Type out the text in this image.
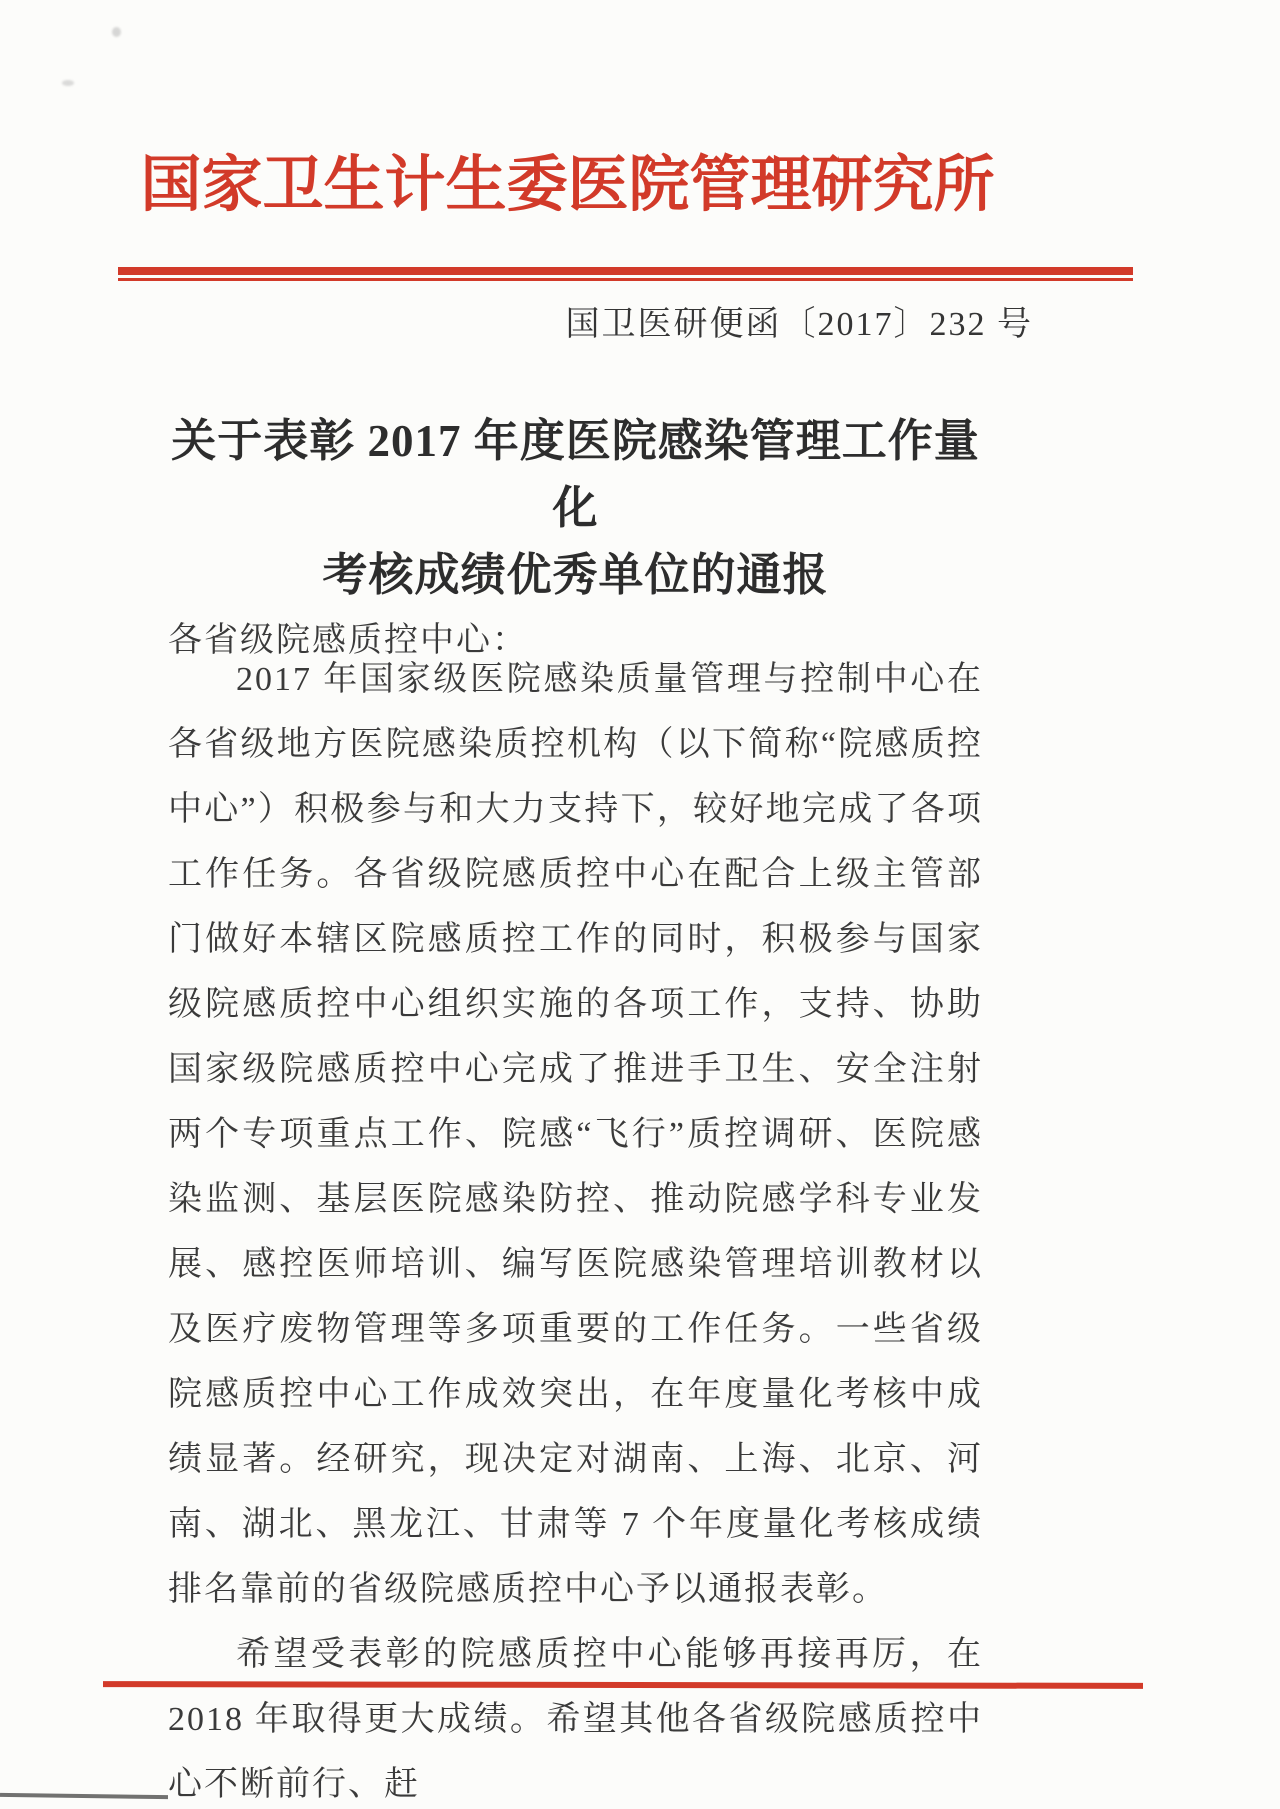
国家卫生计生委医院管理研究所
国卫医研便函〔2017〕232 号
关于表彰 2017 年度医院感染管理工作量化
考核成绩优秀单位的通报
各省级院感质控中心：

2017 年国家级医院感染质量管理与控制中心在各省级地方医院感染质控机构（以下简称“院感质控中心”）积极参与和大力支持下，较好地完成了各项工作任务。各省级院感质控中心在配合上级主管部门做好本辖区院感质控工作的同时，积极参与国家级院感质控中心组织实施的各项工作，支持、协助国家级院感质控中心完成了推进手卫生、安全注射两个专项重点工作、院感“飞行”质控调研、医院感染监测、基层医院感染防控、推动院感学科专业发展、感控医师培训、编写医院感染管理培训教材以及医疗废物管理等多项重要的工作任务。一些省级院感质控中心工作成效突出，在年度量化考核中成绩显著。经研究，现决定对湖南、上海、北京、河南、湖北、黑龙江、甘肃等 7 个年度量化考核成绩排名靠前的省级院感质控中心予以通报表彰。

希望受表彰的院感质控中心能够再接再厉，在 2018 年取得更大成绩。希望其他各省级院感质控中心不断前行、赶
